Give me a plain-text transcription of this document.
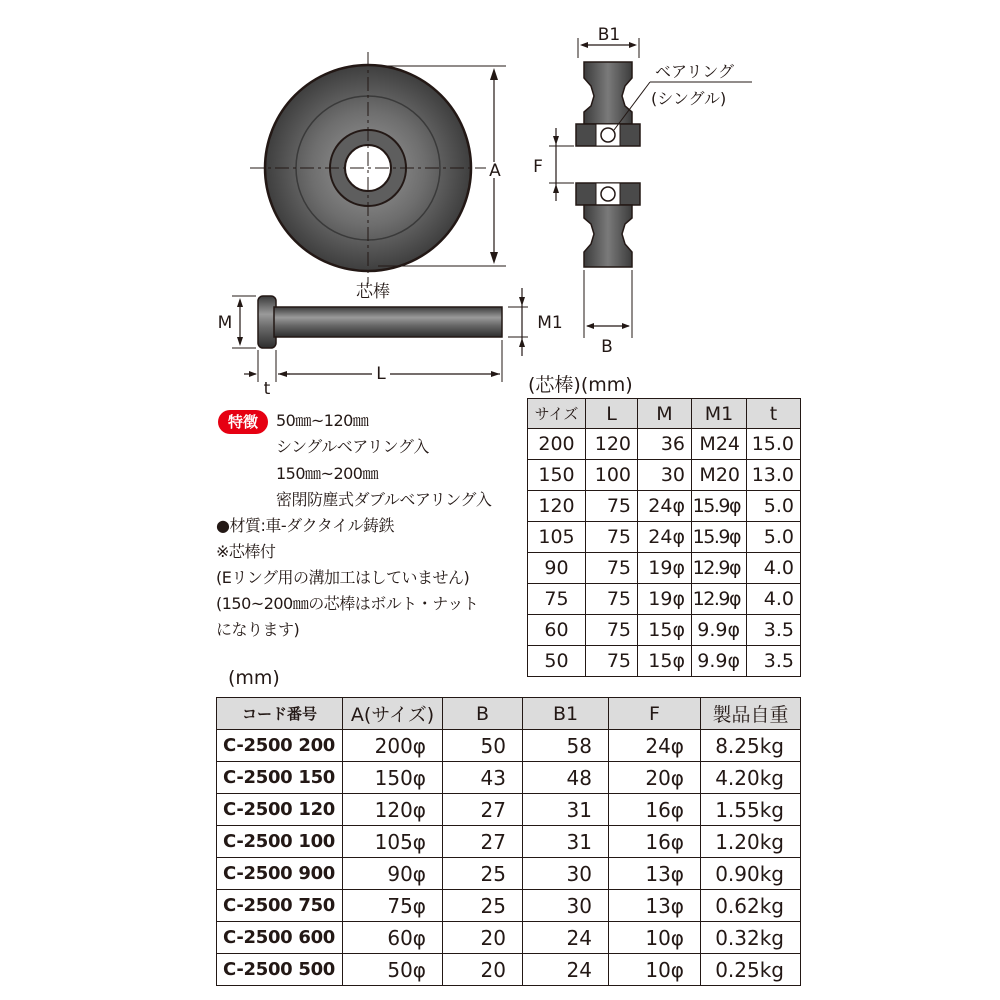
A
芯棒
M	M1
L
t
B1
F
B
ベアリング
(シングル)
特徴	50㎜~120㎜
シングルベアリング入
150㎜~200㎜
密閉防塵式ダブルベアリング入
●材質:車-ダクタイル鋳鉄
※芯棒付
(Eリング用の溝加工はしていません)
(150~200㎜の芯棒はボルト・ナット
になります)
(芯棒)(mm)
サイズ	L	M	M1	t
200	120	36	M24	15.0
150	100	30	M20	13.0
120	75	24φ	15.9φ	5.0
105	75	24φ	15.9φ	5.0
90	75	19φ	12.9φ	4.0
75	75	19φ	12.9φ	4.0
60	75	15φ	9.9φ	3.5
50	75	15φ	9.9φ	3.5
(mm)
コード番号	A(サイズ)	B	B1	F	製品自重
C-2500 200	200φ	50	58	24φ	8.25kg
C-2500 150	150φ	43	48	20φ	4.20kg
C-2500 120	120φ	27	31	16φ	1.55kg
C-2500 100	105φ	27	31	16φ	1.20kg
C-2500 900	90φ	25	30	13φ	0.90kg
C-2500 750	75φ	25	30	13φ	0.62kg
C-2500 600	60φ	20	24	10φ	0.32kg
C-2500 500	50φ	20	24	10φ	0.25kg
